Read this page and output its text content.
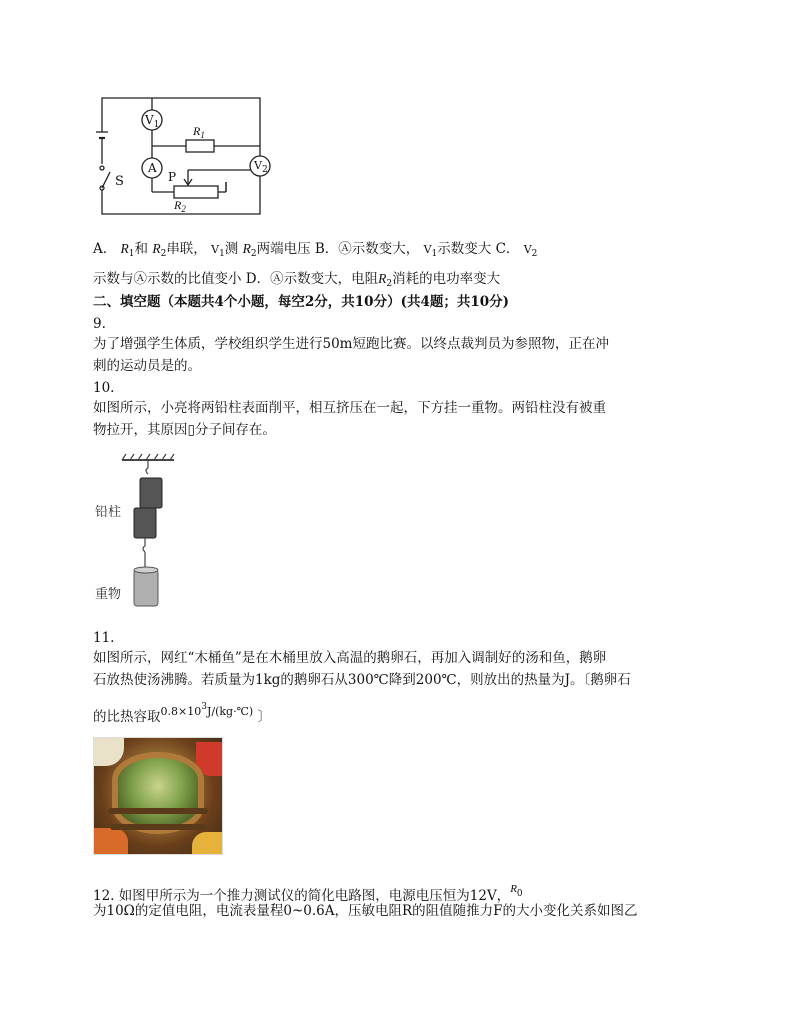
$V_1$
A	$V_2$
$R_1$
$R_2$
P
S
A． $R_1$和 $R_2$串联， $V_1$测 $R_2$两端电压 B．Ⓐ示数变大， $V_1$示数变大 C． $V_2$
示数与Ⓐ示数的比值变小 D．Ⓐ示数变大，电阻$R_2$消耗的电功率变大
二、填空题（本题共4个小题，每空2分，共10分）(共4题；共10分)
9.
为了增强学生体质，学校组织学生进行50m短跑比赛。以终点裁判员为参照物，正在冲
刺的运动员是的。
10.
如图所示，小亮将两铅柱表面削平，相互挤压在一起，下方挂一重物。两铅柱没有被重
物拉开，其原因▯分子间存在。
铅柱
重物
11.
如图所示，网红“木桶鱼”是在木桶里放入高温的鹅卵石，再加入调制好的汤和鱼，鹅卵
石放热使汤沸腾。若质量为1kg的鹅卵石从300℃降到200℃，则放出的热量为J。〔鹅卵石
的比热容取$^{0.8\times 10^3J/(kg\cdot℃)}$ 〕
12. 如图甲所示为一个推力测试仪的简化电路图，电源电压恒为12V，$^{R0}$
为10Ω的定值电阻，电流表量程0~0.6A，压敏电阻R的阻值随推力F的大小变化关系如图乙
